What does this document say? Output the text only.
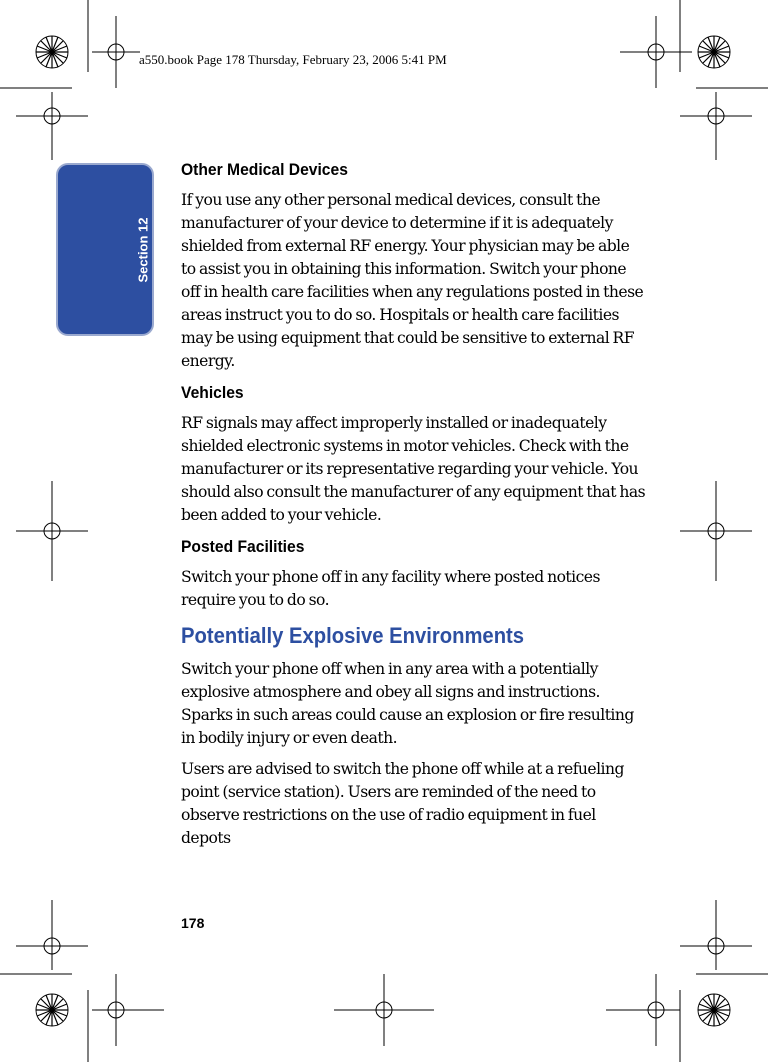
a550.book Page 178 Thursday, February 23, 2006 5:41 PM
Section 12
Other Medical Devices

If you use any other personal medical devices, consult the manufacturer of your device to determine if it is adequately shielded from external RF energy. Your physician may be able to assist you in obtaining this information. Switch your phone off in health care facilities when any regulations posted in these areas instruct you to do so. Hospitals or health care facilities may be using equipment that could be sensitive to external RF energy.

Vehicles

RF signals may affect improperly installed or inadequately shielded electronic systems in motor vehicles. Check with the manufacturer or its representative regarding your vehicle. You should also consult the manufacturer of any equipment that has been added to your vehicle.

Posted Facilities

Switch your phone off in any facility where posted notices require you to do so.

Potentially Explosive Environments

Switch your phone off when in any area with a potentially explosive atmosphere and obey all signs and instructions. Sparks in such areas could cause an explosion or fire resulting in bodily injury or even death.

Users are advised to switch the phone off while at a refueling point (service station). Users are reminded of the need to observe restrictions on the use of radio equipment in fuel depots

178
